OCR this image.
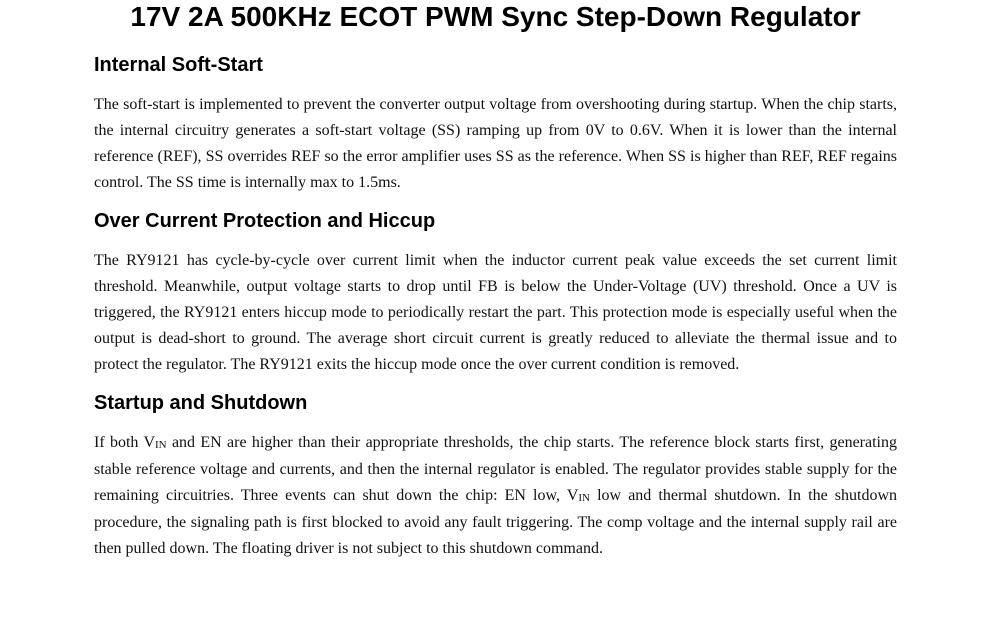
17V 2A 500KHz ECOT PWM Sync Step-Down Regulator
Internal Soft-Start

The soft-start is implemented to prevent the converter output voltage from overshooting during startup. When the chip starts, the internal circuitry generates a soft-start voltage (SS) ramping up from 0V to 0.6V. When it is lower than the internal reference (REF), SS overrides REF so the error amplifier uses SS as the reference. When SS is higher than REF, REF regains control. The SS time is internally max to 1.5ms.

Over Current Protection and Hiccup

The RY9121 has cycle-by-cycle over current limit when the inductor current peak value exceeds the set current limit threshold. Meanwhile, output voltage starts to drop until FB is below the Under-Voltage (UV) threshold. Once a UV is triggered, the RY9121 enters hiccup mode to periodically restart the part. This protection mode is especially useful when the output is dead-short to ground. The average short circuit current is greatly reduced to alleviate the thermal issue and to protect the regulator. The RY9121 exits the hiccup mode once the over current condition is removed.

Startup and Shutdown

If both VIN and EN are higher than their appropriate thresholds, the chip starts. The reference block starts first, generating stable reference voltage and currents, and then the internal regulator is enabled. The regulator provides stable supply for the remaining circuitries. Three events can shut down the chip: EN low, VIN low and thermal shutdown. In the shutdown procedure, the signaling path is first blocked to avoid any fault triggering. The comp voltage and the internal supply rail are then pulled down. The floating driver is not subject to this shutdown command.
